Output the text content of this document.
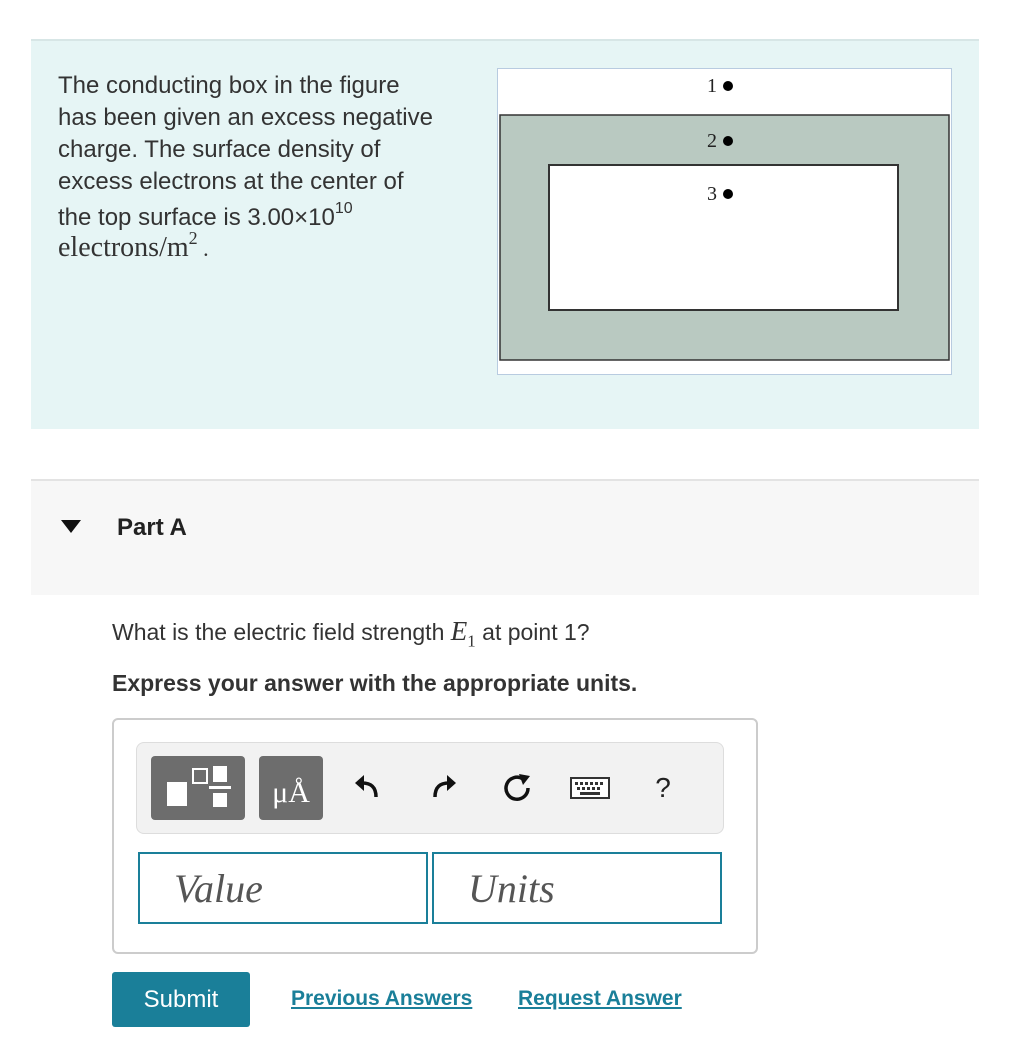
The conducting box in the figure
has been given an excess negative
charge. The surface density of
excess electrons at the center of
the top surface is $3.00\times 10^{10}$
electrons/$m^2$ .
1
2
3
Part A
What is the electric field strength $E_1$ at point 1?
Express your answer with the appropriate units.
μÅ	?
Value	Units
Submit	Previous Answers Request Answer
